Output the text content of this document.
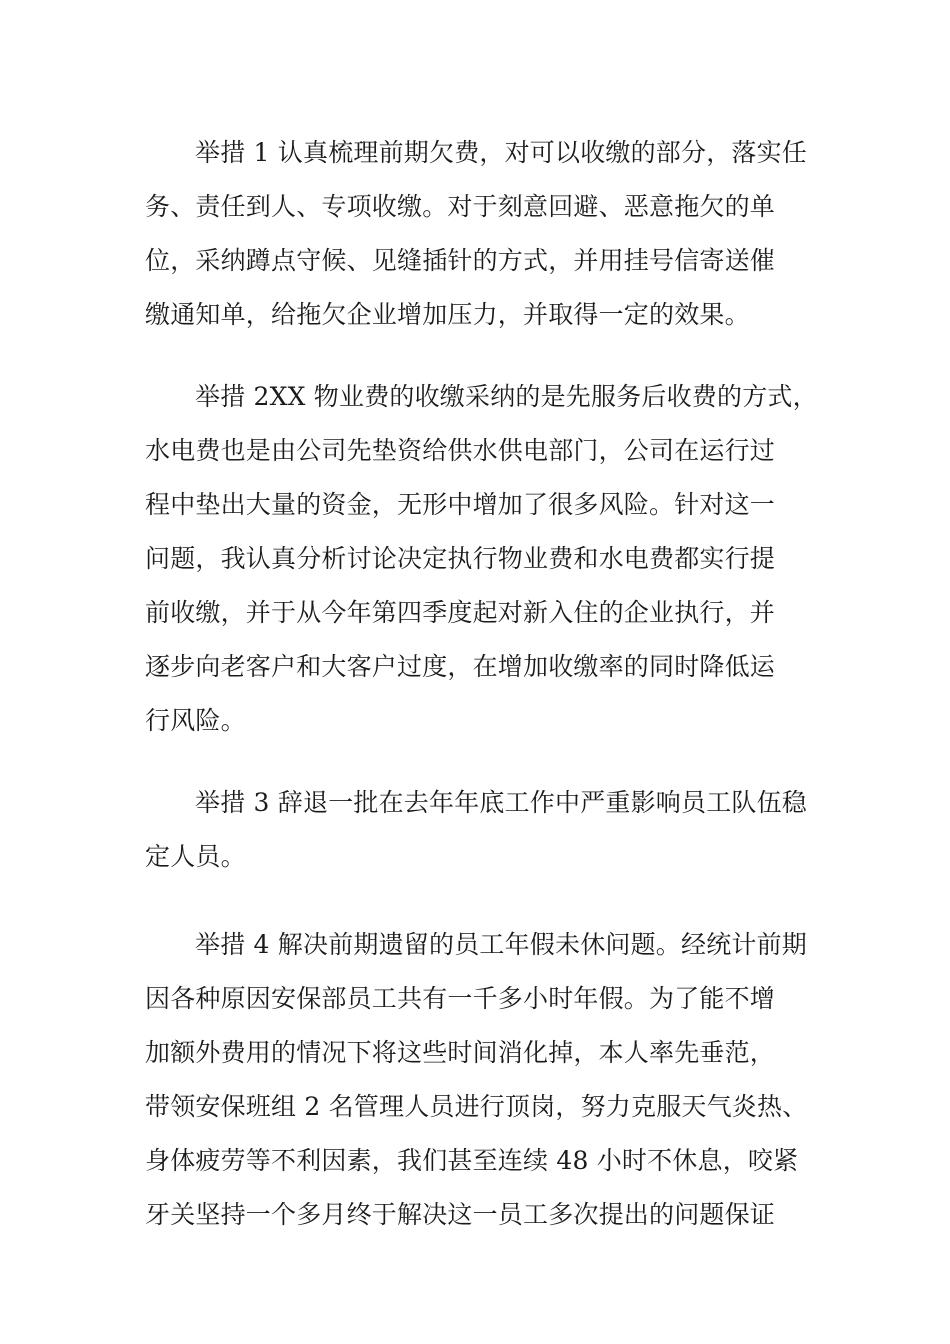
举措 1 认真梳理前期欠费，对可以收缴的部分，落实任
务、责任到人、专项收缴。对于刻意回避、恶意拖欠的单
位，采纳蹲点守候、见缝插针的方式，并用挂号信寄送催
缴通知单，给拖欠企业增加压力，并取得一定的效果。
举措 2XX 物业费的收缴采纳的是先服务后收费的方式，
水电费也是由公司先垫资给供水供电部门，公司在运行过
程中垫出大量的资金，无形中增加了很多风险。针对这一
问题，我认真分析讨论决定执行物业费和水电费都实行提
前收缴，并于从今年第四季度起对新入住的企业执行，并
逐步向老客户和大客户过度，在增加收缴率的同时降低运
行风险。
举措 3 辞退一批在去年年底工作中严重影响员工队伍稳
定人员。
举措 4 解决前期遗留的员工年假未休问题。经统计前期
因各种原因安保部员工共有一千多小时年假。为了能不增
加额外费用的情况下将这些时间消化掉，本人率先垂范，
带领安保班组 2 名管理人员进行顶岗，努力克服天气炎热、
身体疲劳等不利因素，我们甚至连续 48 小时不休息，咬紧
牙关坚持一个多月终于解决这一员工多次提出的问题保证
